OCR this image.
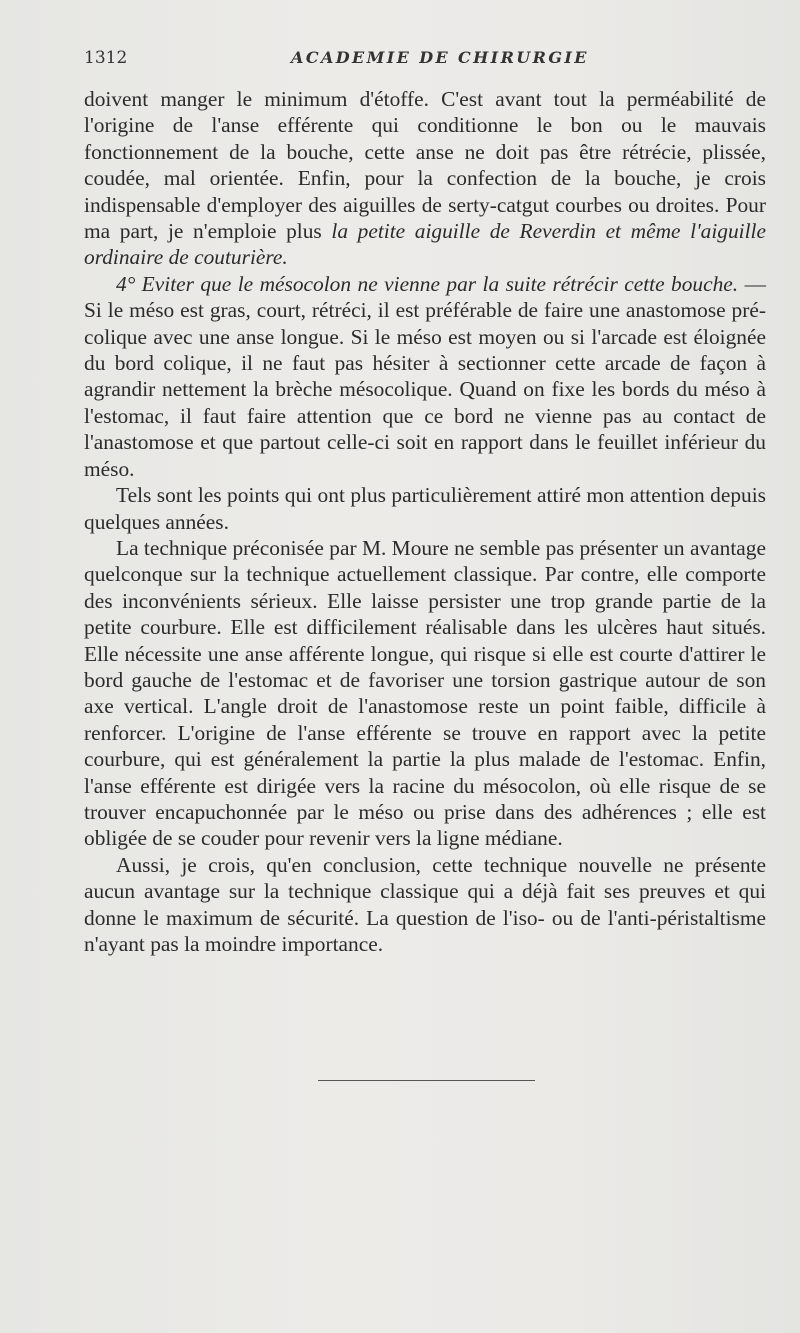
1312	ACADEMIE DE CHIRURGIE

doivent manger le minimum d'étoffe. C'est avant tout la perméabilité de l'origine de l'anse efférente qui conditionne le bon ou le mauvais fonctionnement de la bouche, cette anse ne doit pas être rétrécie, plissée, coudée, mal orientée. Enfin, pour la confection de la bouche, je crois indispensable d'employer des aiguilles de serty-catgut courbes ou droites. Pour ma part, je n'emploie plus la petite aiguille de Reverdin et même l'aiguille ordinaire de couturière.

4° Eviter que le mésocolon ne vienne par la suite rétrécir cette bouche. — Si le méso est gras, court, rétréci, il est préférable de faire une anastomose pré-colique avec une anse longue. Si le méso est moyen ou si l'arcade est éloignée du bord colique, il ne faut pas hésiter à sectionner cette arcade de façon à agrandir nettement la brèche mésocolique. Quand on fixe les bords du méso à l'estomac, il faut faire attention que ce bord ne vienne pas au contact de l'anastomose et que partout celle-ci soit en rapport dans le feuillet inférieur du méso.

Tels sont les points qui ont plus particulièrement attiré mon attention depuis quelques années.

La technique préconisée par M. Moure ne semble pas présenter un avantage quelconque sur la technique actuellement classique. Par contre, elle comporte des inconvénients sérieux. Elle laisse persister une trop grande partie de la petite courbure. Elle est difficilement réalisable dans les ulcères haut situés. Elle nécessite une anse afférente longue, qui risque si elle est courte d'attirer le bord gauche de l'estomac et de favoriser une torsion gastrique autour de son axe vertical. L'angle droit de l'anastomose reste un point faible, difficile à renforcer. L'origine de l'anse efférente se trouve en rapport avec la petite courbure, qui est généralement la partie la plus malade de l'estomac. Enfin, l'anse efférente est dirigée vers la racine du mésocolon, où elle risque de se trouver encapuchonnée par le méso ou prise dans des adhérences ; elle est obligée de se couder pour revenir vers la ligne médiane.

Aussi, je crois, qu'en conclusion, cette technique nouvelle ne présente aucun avantage sur la technique classique qui a déjà fait ses preuves et qui donne le maximum de sécurité. La question de l'iso- ou de l'anti-péristaltisme n'ayant pas la moindre importance.
